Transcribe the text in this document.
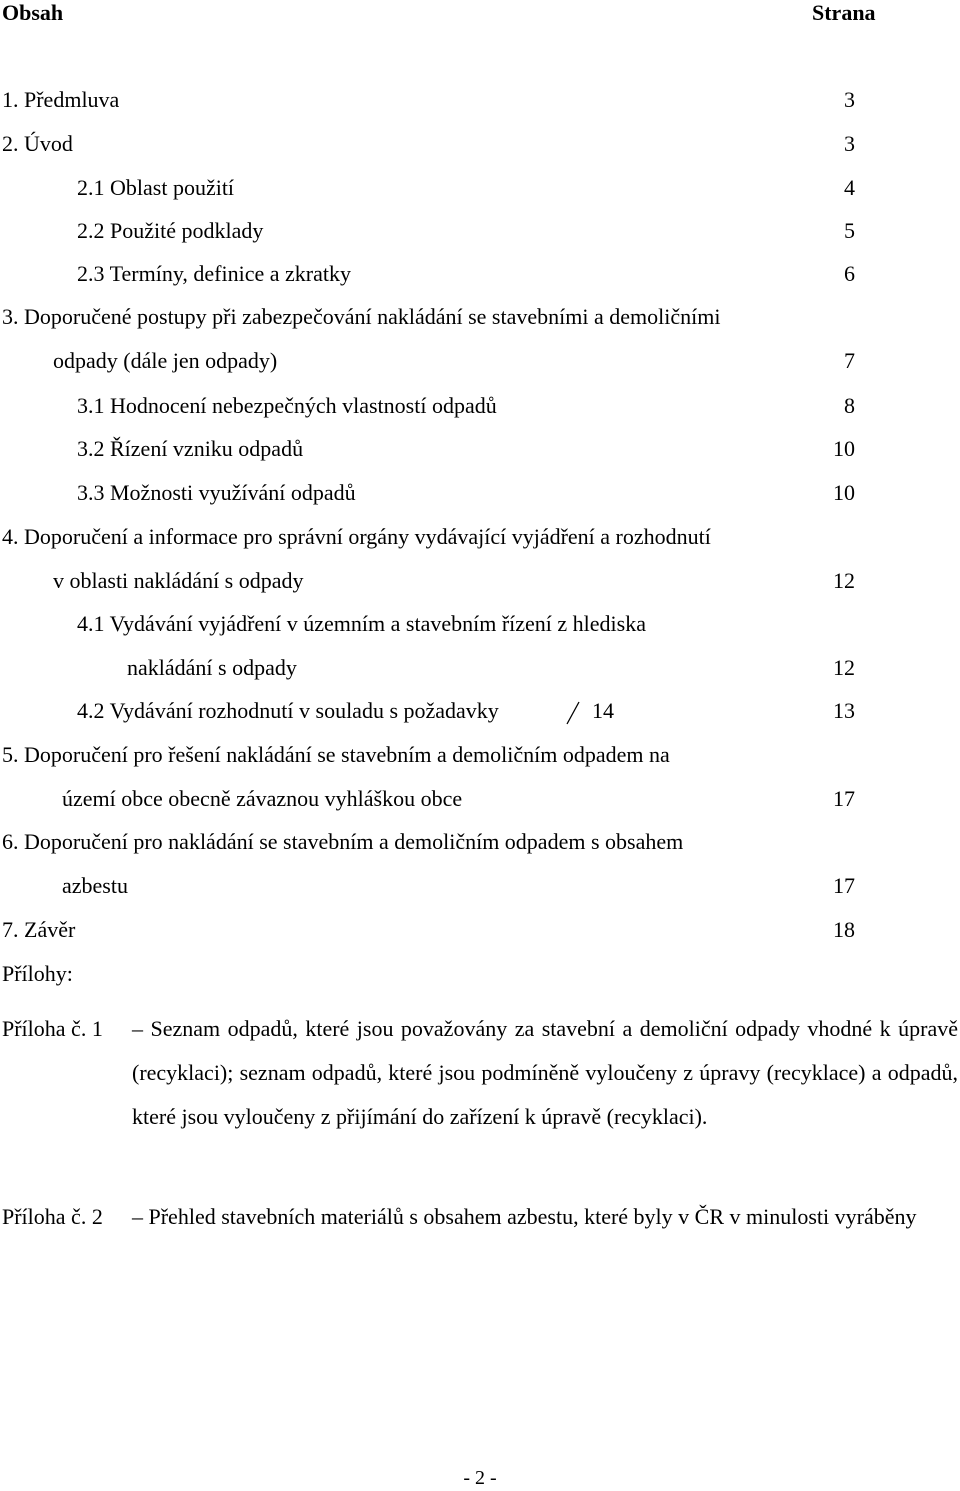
Obsah	Strana
1. Předmluva	3
2. Úvod	3
2.1 Oblast použití	4
2.2 Použité podklady	5
2.3 Termíny, definice a zkratky	6
3. Doporučené postupy při zabezpečování nakládání se stavebními a demoličními
odpady (dále jen odpady)	7
3.1 Hodnocení nebezpečných vlastností odpadů	8
3.2 Řízení vzniku odpadů	10
3.3 Možnosti využívání odpadů	10
4. Doporučení a informace pro správní orgány vydávající vyjádření a rozhodnutí
v oblasti nakládání s odpady	12
4.1 Vydávání vyjádření v územním a stavebním řízení z hlediska
nakládání s odpady	12
4.2 Vydávání rozhodnutí v souladu s požadavky	14	13
5. Doporučení pro řešení nakládání se stavebním a demoličním odpadem na
území obce obecně závaznou vyhláškou obce	17
6. Doporučení pro nakládání se stavebním a demoličním odpadem s obsahem
azbestu	17
7. Závěr	18
Přílohy:
Příloha č. 1 – Seznam odpadů, které jsou považovány za stavební a demoliční odpady vhodné k úpravě (recyklaci); seznam odpadů, které jsou podmíněně vyloučeny z úpravy (recyklace) a odpadů, které jsou vyloučeny z přijímání do zařízení k úpravě (recyklaci).
Příloha č. 2 – Přehled stavebních materiálů s obsahem azbestu, které byly v ČR v minulosti vyráběny
- 2 -
